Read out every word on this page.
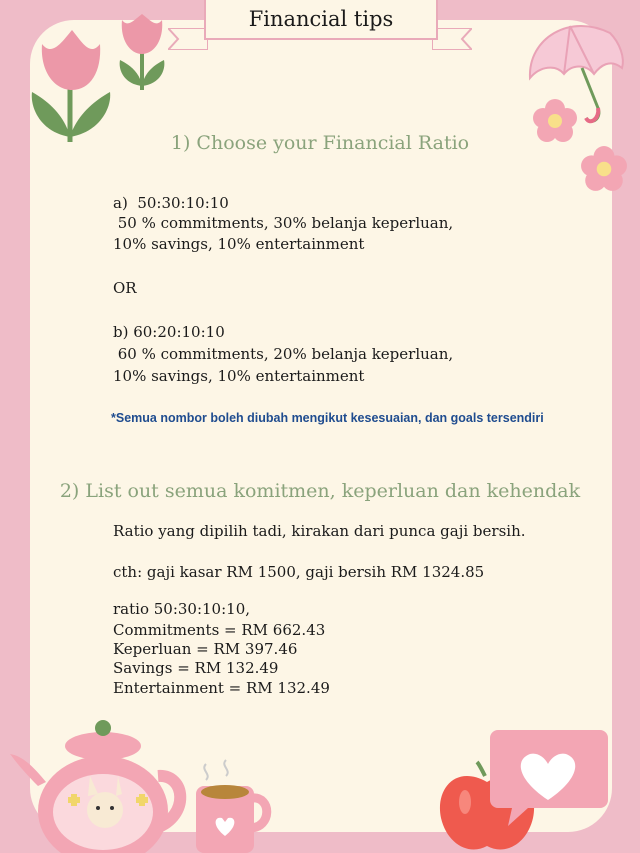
Financial tips
1) Choose your Financial Ratio
a)  50:30:10:10
50 % commitments, 30% belanja keperluan,
10% savings, 10% entertainment
OR
b) 60:20:10:10
60 % commitments, 20% belanja keperluan,
10% savings, 10% entertainment
*Semua nombor boleh diubah mengikut kesesuaian, dan goals tersendiri
2) List out semua komitmen, keperluan dan kehendak
Ratio yang dipilih tadi, kirakan dari punca gaji bersih.
cth: gaji kasar RM 1500, gaji bersih RM 1324.85
ratio 50:30:10:10,
Commitments = RM 662.43
Keperluan = RM 397.46
Savings = RM 132.49
Entertainment = RM 132.49
